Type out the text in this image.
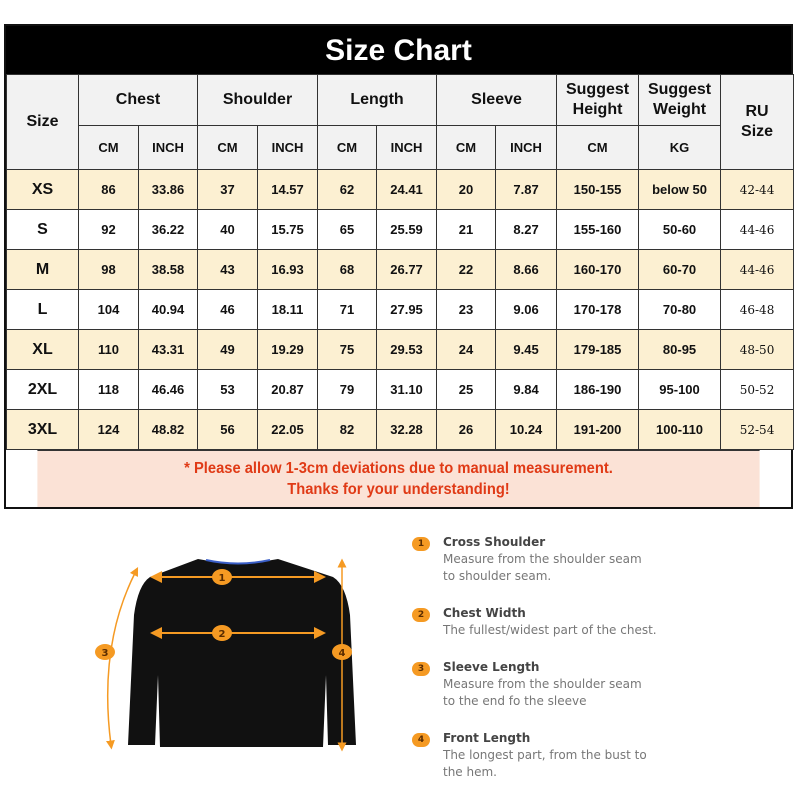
Size Chart
Size	Chest		Shoulder		Length		Sleeve		Suggest Height	Suggest Weight	RU Size
	CM	INCH	CM	INCH	CM	INCH	CM	INCH	CM	KG	
XS	86	33.86	37	14.57	62	24.41	20	7.87	150-155	below 50	42-44
S	92	36.22	40	15.75	65	25.59	21	8.27	155-160	50-60	44-46
M	98	38.58	43	16.93	68	26.77	22	8.66	160-170	60-70	44-46
L	104	40.94	46	18.11	71	27.95	23	9.06	170-178	70-80	46-48
XL	110	43.31	49	19.29	75	29.53	24	9.45	179-185	80-95	48-50
2XL	118	46.46	53	20.87	79	31.10	25	9.84	186-190	95-100	50-52
3XL	124	48.82	56	22.05	82	32.28	26	10.24	191-200	100-110	52-54
* Please allow 1-3cm deviations due to manual measurement.
Thanks for your understanding!
1
2
3	4
1	Cross Shoulder
Measure from the shoulder seam
to shoulder seam.
2	Chest Width
The fullest/widest part of the chest.
3	Sleeve Length
Measure from the shoulder seam
to the end fo the sleeve
4	Front Length
The longest part, from the bust to
the hem.
